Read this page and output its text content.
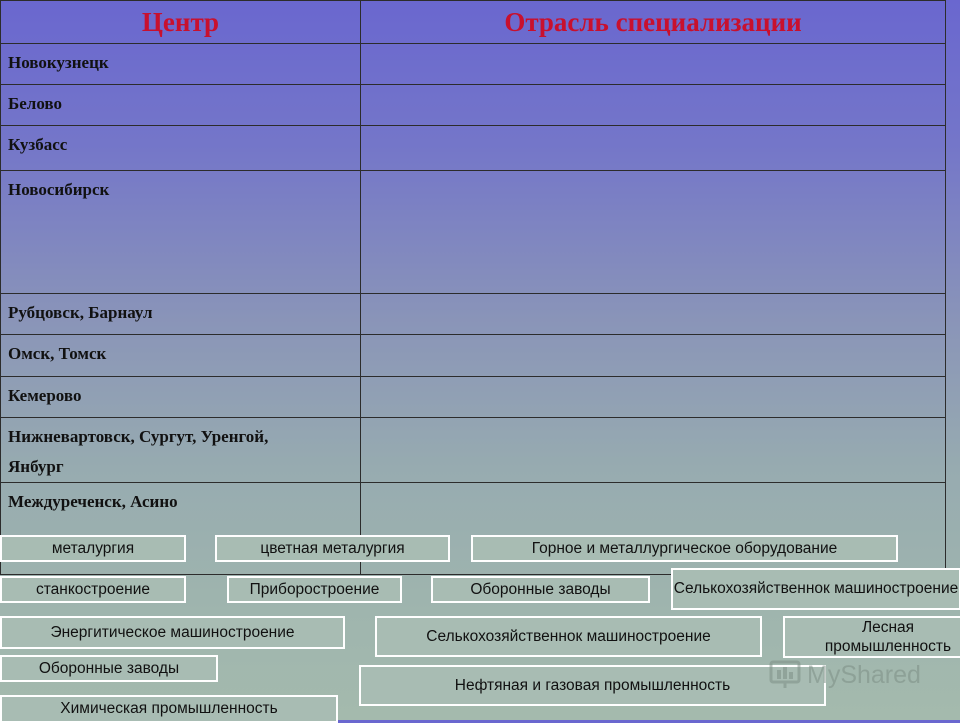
Центр	Отрасль специализации
Новокузнецк	
Белово	
Кузбасс	
Новосибирск	
Рубцовск, Барнаул	
Омск, Томск	
Кемерово	
Нижневартовск, Сургут, Уренгой,
Янбург	
Междуреченск, Асино	
металургия	цветная металургия	Горное и металлургическое оборудование
станкостроение	Приборостроение	Оборонные заводы	Селькохозяйственнок машиностроение
Энергитическое машиностроение	Селькохозяйственнок машиностроение
Лесная промышленность
Оборонные заводы
Нефтяная и газовая промышленность
Химическая промышленность
MyShared
